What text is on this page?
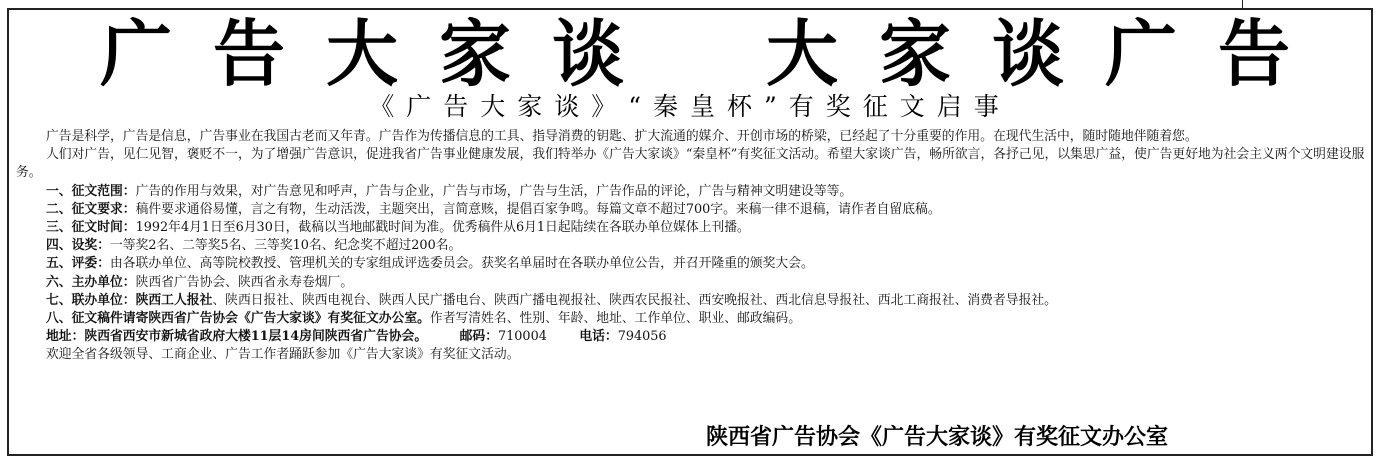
广 告 大 家 谈 大 家 谈 广 告
《广告大家谈》“秦皇杯”有奖征文启事

广告是科学，广告是信息，广告事业在我国古老而又年青。广告作为传播信息的工具、指导消费的钥匙、扩大流通的媒介、开创市场的桥梁，已经起了十分重要的作用。在现代生活中，随时随地伴随着您。

人们对广告，见仁见智，褒贬不一，为了增强广告意识，促进我省广告事业健康发展，我们特举办《广告大家谈》“秦皇杯”有奖征文活动。希望大家谈广告，畅所欲言，各抒己见，以集思广益，使广告更好地为社会主义两个文明建设服务。

一、征文范围：广告的作用与效果，对广告意见和呼声，广告与企业，广告与市场，广告与生活，广告作品的评论，广告与精神文明建设等等。

二、征文要求：稿件要求通俗易懂，言之有物，生动活泼，主题突出，言简意赅，提倡百家争鸣。每篇文章不超过700字。来稿一律不退稿，请作者自留底稿。

三、征文时间：1992年4月1日至6月30日，截稿以当地邮戳时间为准。优秀稿件从6月1日起陆续在各联办单位媒体上刊播。

四、设奖：一等奖2名、二等奖5名、三等奖10名、纪念奖不超过200名。

五、评委：由各联办单位、高等院校教授、管理机关的专家组成评选委员会。获奖名单届时在各联办单位公告，并召开隆重的颁奖大会。

六、主办单位：陕西省广告协会、陕西省永寿卷烟厂。

七、联办单位：陕西工人报社、陕西日报社、陕西电视台、陕西人民广播电台、陕西广播电视报社、陕西农民报社、西安晚报社、西北信息导报社、西北工商报社、消费者导报社。

八、征文稿件请寄陕西省广告协会《广告大家谈》有奖征文办公室。作者写清姓名、性别、年龄、地址、工作单位、职业、邮政编码。

地址：陕西省西安市新城省政府大楼11层14房间陕西省广告协会。	邮码：710004	电话：794056

欢迎全省各级领导、工商企业、广告工作者踊跃参加《广告大家谈》有奖征文活动。

陕西省广告协会《广告大家谈》有奖征文办公室
